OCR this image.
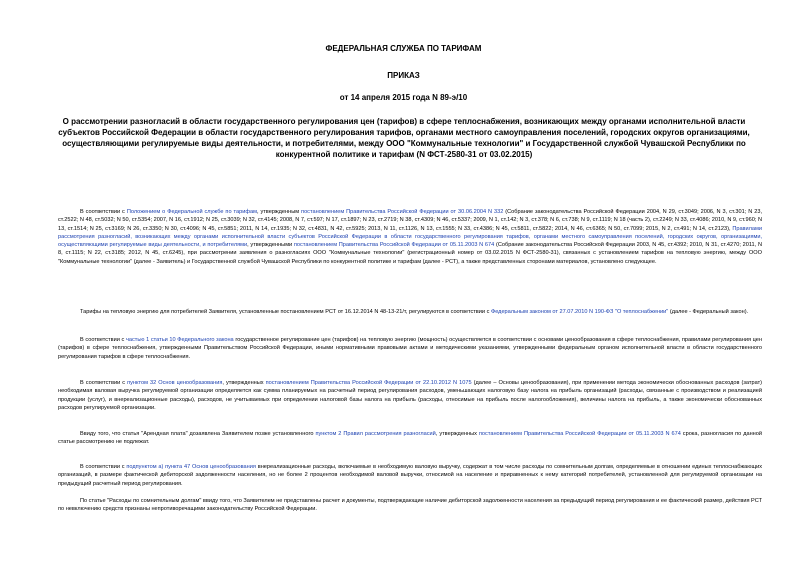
ФЕДЕРАЛЬНАЯ СЛУЖБА ПО ТАРИФАМ
ПРИКАЗ
от 14 апреля 2015 года N 89-э/10
О рассмотрении разногласий в области государственного регулирования цен (тарифов) в сфере теплоснабжения, возникающих между органами исполнительной власти субъектов Российской Федерации в области государственного регулирования тарифов, органами местного самоуправления поселений, городских округов организациями, осуществляющими регулируемые виды деятельности, и потребителями, между ООО "Коммунальные технологии" и Государственной службой Чувашской Республики по конкурентной политике и тарифам (N ФСТ-2580-31 от 03.02.2015)
В соответствии с Положением о Федеральной службе по тарифам, утвержденным постановлением Правительства Российской Федерации от 30.06.2004 N 332 (Собрание законодательства Российской Федерации 2004, N 29, ст.3049; 2006, N 3, ст.301; N 23, ст.2522; N 48, ст.5032; N 50, ст.5354; 2007, N 16, ст.1912; N 25, ст.3039; N 32, ст.4145; 2008, N 7, ст.597; N 17, ст.1897; N 23, ст.2719; N 38, ст.4309; N 46, ст.5337; 2009, N 1, ст.142; N 3, ст.378; N 6, ст.738; N 9, ст.1119; N 18 (часть 2), ст.2249; N 33, ст.4086; 2010, N 9, ст.960; N 13, ст.1514; N 25, ст.3169; N 26, ст.3350; N 30, ст.4096; N 45, ст.5851; 2011, N 14, ст.1935; N 32, ст.4831, N 42, ст.5925; 2013, N 11, ст.1126, N 13, ст.1555; N 33, ст.4386; N 45, ст.5811, ст.5822; 2014, N 46, ст.6365; N 50, ст.7099; 2015, N 2, ст.491; N 14, ст.2123), Правилами рассмотрения разногласий, возникающих между органами исполнительной власти субъектов Российской Федерации в области государственного регулирования тарифов, органами местного самоуправления поселений, городских округов, организациями, осуществляющими регулируемые виды деятельности, и потребителями, утвержденными постановлением Правительства Российской Федерации от 05.11.2003 N 674 (Собрание законодательства Российской Федерации 2003, N 45, ст.4392; 2010, N 31, ст.4270; 2011, N 8, ст.1115; N 22, ст.3185; 2012, N 45, ст.6245), при рассмотрении заявления о разногласиях ООО "Коммунальные технологии" (регистрационный номер от 03.02.2015 N ФСТ-2580-31), связанных с установлением тарифов на тепловую энергию, между ООО "Коммунальные технологии" (далее - Заявитель) и Государственной службой Чувашской Республики по конкурентной политике и тарифам (далее - РСТ), а также представленных сторонами материалов, установлено следующее.
Тарифы на тепловую энергию для потребителей Заявителя, установленные постановлением РСТ от 16.12.2014 N 48-13-21/т, регулируются в соответствии с Федеральным законом от 27.07.2010 N 190-ФЗ "О теплоснабжении" (далее - Федеральный закон).
В соответствии с частью 1 статьи 10 Федерального закона государственное регулирование цен (тарифов) на тепловую энергию (мощность) осуществляется в соответствии с основами ценообразования в сфере теплоснабжения, правилами регулирования цен (тарифов) в сфере теплоснабжения, утвержденными Правительством Российской Федерации, иными нормативными правовыми актами и методическими указаниями, утвержденными федеральным органом исполнительной власти в области государственного регулирования тарифов в сфере теплоснабжения.
В соответствии с пунктом 32 Основ ценообразования, утвержденных постановлением Правительства Российской Федерации от 22.10.2012 N 1075 (далее – Основы ценообразования), при применении метода экономически обоснованных расходов (затрат) необходимая валовая выручка регулируемой организации определяется как сумма планируемых на расчетный период регулирования расходов, уменьшающих налоговую базу налога на прибыль организаций (расходы, связанные с производством и реализацией продукции (услуг), и внереализационные расходы), расходов, не учитываемых при определении налоговой базы налога на прибыль (расходы, относимые на прибыль после налогообложения), величины налога на прибыль, а также экономически обоснованных расходов регулируемой организации.
Ввиду того, что статья "Арендная плата" дозаявлена Заявителем позже установленного пунктом 2 Правил рассмотрения разногласий, утвержденных постановлением Правительства Российской Федерации от 05.11.2003 N 674 срока, разногласия по данной статье рассмотрению не подлежат.
В соответствии с подпунктом а) пункта 47 Основ ценообразования внереализационные расходы, включаемые в необходимую валовую выручку, содержат в том числе расходы по сомнительным долгам, определяемые в отношении единых теплоснабжающих организаций, в размере фактической дебиторской задолженности населения, но не более 2 процентов необходимой валовой выручки, относимой на население и приравненных к нему категорий потребителей, установленной для регулируемой организации на предыдущий расчетный период регулирования.
По статье "Расходы по сомнительным долгам" ввиду того, что Заявителем не представлены расчет и документы, подтверждающие наличие дебиторской задолженности населения за предыдущий период регулирования и ее фактический размер, действия РСТ по невключению средств признаны непротиворечащими законодательству Российской Федерации.
